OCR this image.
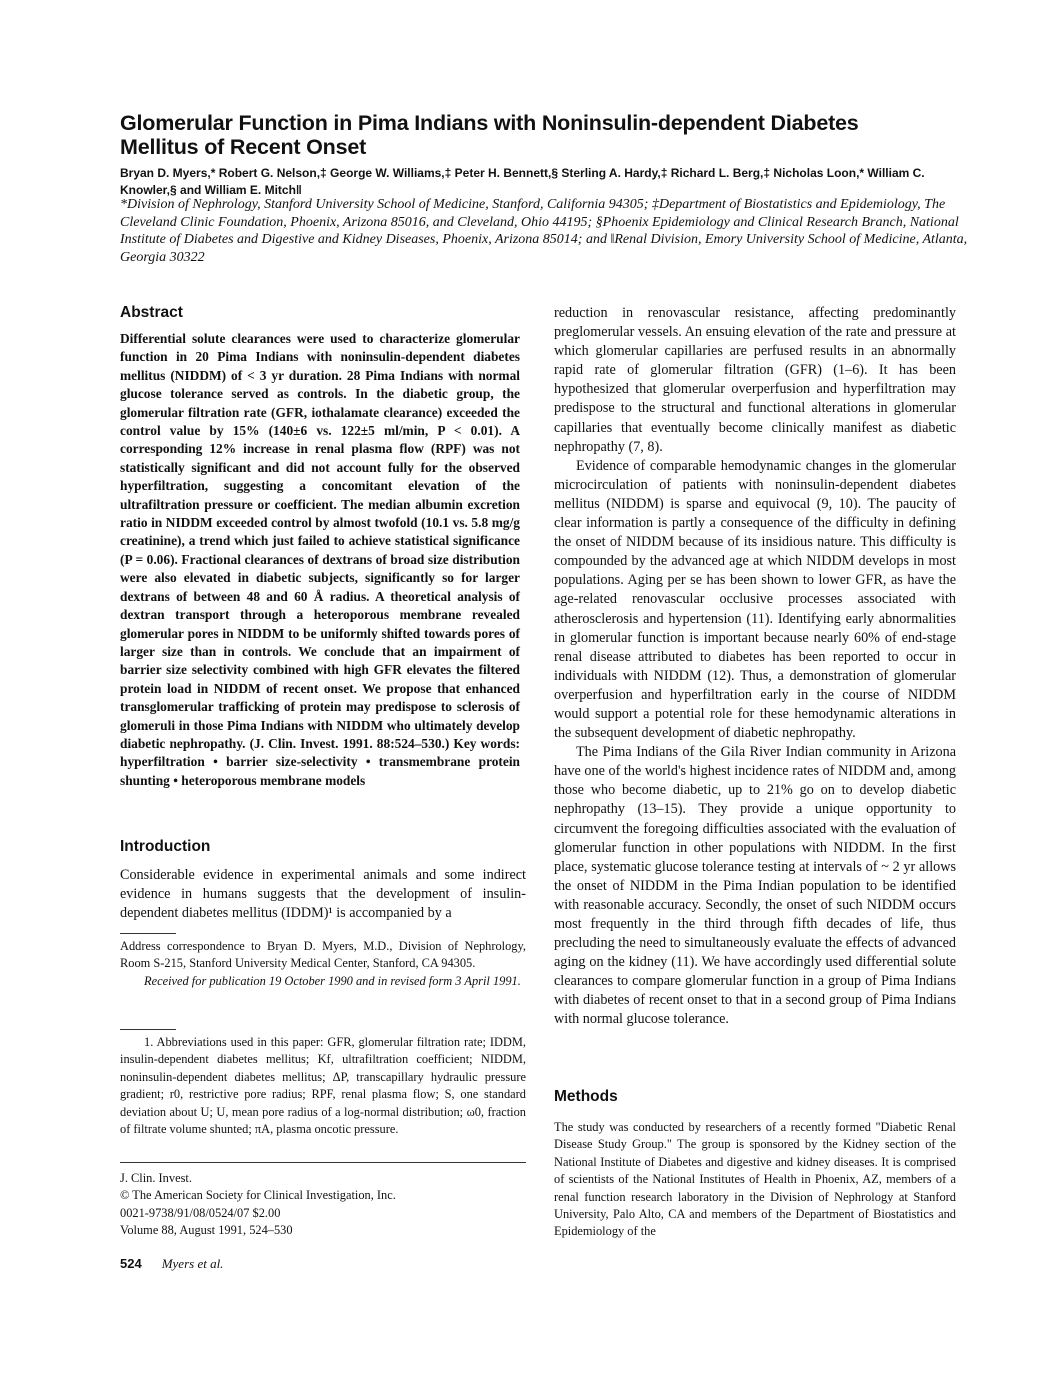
Glomerular Function in Pima Indians with Noninsulin-dependent Diabetes Mellitus of Recent Onset
Bryan D. Myers,* Robert G. Nelson,‡ George W. Williams,‡ Peter H. Bennett,§ Sterling A. Hardy,‡ Richard L. Berg,‡ Nicholas Loon,* William C. Knowler,§ and William E. Mitch‖
*Division of Nephrology, Stanford University School of Medicine, Stanford, California 94305; ‡Department of Biostatistics and Epidemiology, The Cleveland Clinic Foundation, Phoenix, Arizona 85016, and Cleveland, Ohio 44195; §Phoenix Epidemiology and Clinical Research Branch, National Institute of Diabetes and Digestive and Kidney Diseases, Phoenix, Arizona 85014; and ‖Renal Division, Emory University School of Medicine, Atlanta, Georgia 30322
Abstract
Differential solute clearances were used to characterize glomerular function in 20 Pima Indians with noninsulin-dependent diabetes mellitus (NIDDM) of < 3 yr duration. 28 Pima Indians with normal glucose tolerance served as controls. In the diabetic group, the glomerular filtration rate (GFR, iothalamate clearance) exceeded the control value by 15% (140±6 vs. 122±5 ml/min, P < 0.01). A corresponding 12% increase in renal plasma flow (RPF) was not statistically significant and did not account fully for the observed hyperfiltration, suggesting a concomitant elevation of the ultrafiltration pressure or coefficient. The median albumin excretion ratio in NIDDM exceeded control by almost twofold (10.1 vs. 5.8 mg/g creatinine), a trend which just failed to achieve statistical significance (P = 0.06). Fractional clearances of dextrans of broad size distribution were also elevated in diabetic subjects, significantly so for larger dextrans of between 48 and 60 Å radius. A theoretical analysis of dextran transport through a heteroporous membrane revealed glomerular pores in NIDDM to be uniformly shifted towards pores of larger size than in controls. We conclude that an impairment of barrier size selectivity combined with high GFR elevates the filtered protein load in NIDDM of recent onset. We propose that enhanced transglomerular trafficking of protein may predispose to sclerosis of glomeruli in those Pima Indians with NIDDM who ultimately develop diabetic nephropathy. (J. Clin. Invest. 1991. 88:524–530.) Key words: hyperfiltration • barrier size-selectivity • transmembrane protein shunting • heteroporous membrane models
Introduction
Considerable evidence in experimental animals and some indirect evidence in humans suggests that the development of insulin-dependent diabetes mellitus (IDDM)¹ is accompanied by a

Address correspondence to Bryan D. Myers, M.D., Division of Nephrology, Room S-215, Stanford University Medical Center, Stanford, CA 94305.

Received for publication 19 October 1990 and in revised form 3 April 1991.

1. Abbreviations used in this paper: GFR, glomerular filtration rate; IDDM, insulin-dependent diabetes mellitus; Kf, ultrafiltration coefficient; NIDDM, noninsulin-dependent diabetes mellitus; ΔP, transcapillary hydraulic pressure gradient; r0, restrictive pore radius; RPF, renal plasma flow; S, one standard deviation about U; U, mean pore radius of a log-normal distribution; ω0, fraction of filtrate volume shunted; πA, plasma oncotic pressure.
J. Clin. Invest.
© The American Society for Clinical Investigation, Inc.
0021-9738/91/08/0524/07 $2.00
Volume 88, August 1991, 524–530
524 Myers et al.

reduction in renovascular resistance, affecting predominantly preglomerular vessels. An ensuing elevation of the rate and pressure at which glomerular capillaries are perfused results in an abnormally rapid rate of glomerular filtration (GFR) (1–6). It has been hypothesized that glomerular overperfusion and hyperfiltration may predispose to the structural and functional alterations in glomerular capillaries that eventually become clinically manifest as diabetic nephropathy (7, 8).

Evidence of comparable hemodynamic changes in the glomerular microcirculation of patients with noninsulin-dependent diabetes mellitus (NIDDM) is sparse and equivocal (9, 10). The paucity of clear information is partly a consequence of the difficulty in defining the onset of NIDDM because of its insidious nature. This difficulty is compounded by the advanced age at which NIDDM develops in most populations. Aging per se has been shown to lower GFR, as have the age-related renovascular occlusive processes associated with atherosclerosis and hypertension (11). Identifying early abnormalities in glomerular function is important because nearly 60% of end-stage renal disease attributed to diabetes has been reported to occur in individuals with NIDDM (12). Thus, a demonstration of glomerular overperfusion and hyperfiltration early in the course of NIDDM would support a potential role for these hemodynamic alterations in the subsequent development of diabetic nephropathy.

The Pima Indians of the Gila River Indian community in Arizona have one of the world's highest incidence rates of NIDDM and, among those who become diabetic, up to 21% go on to develop diabetic nephropathy (13–15). They provide a unique opportunity to circumvent the foregoing difficulties associated with the evaluation of glomerular function in other populations with NIDDM. In the first place, systematic glucose tolerance testing at intervals of ~ 2 yr allows the onset of NIDDM in the Pima Indian population to be identified with reasonable accuracy. Secondly, the onset of such NIDDM occurs most frequently in the third through fifth decades of life, thus precluding the need to simultaneously evaluate the effects of advanced aging on the kidney (11). We have accordingly used differential solute clearances to compare glomerular function in a group of Pima Indians with diabetes of recent onset to that in a second group of Pima Indians with normal glucose tolerance.

Methods
The study was conducted by researchers of a recently formed "Diabetic Renal Disease Study Group." The group is sponsored by the Kidney section of the National Institute of Diabetes and digestive and kidney diseases. It is comprised of scientists of the National Institutes of Health in Phoenix, AZ, members of a renal function research laboratory in the Division of Nephrology at Stanford University, Palo Alto, CA and members of the Department of Biostatistics and Epidemiology of the
